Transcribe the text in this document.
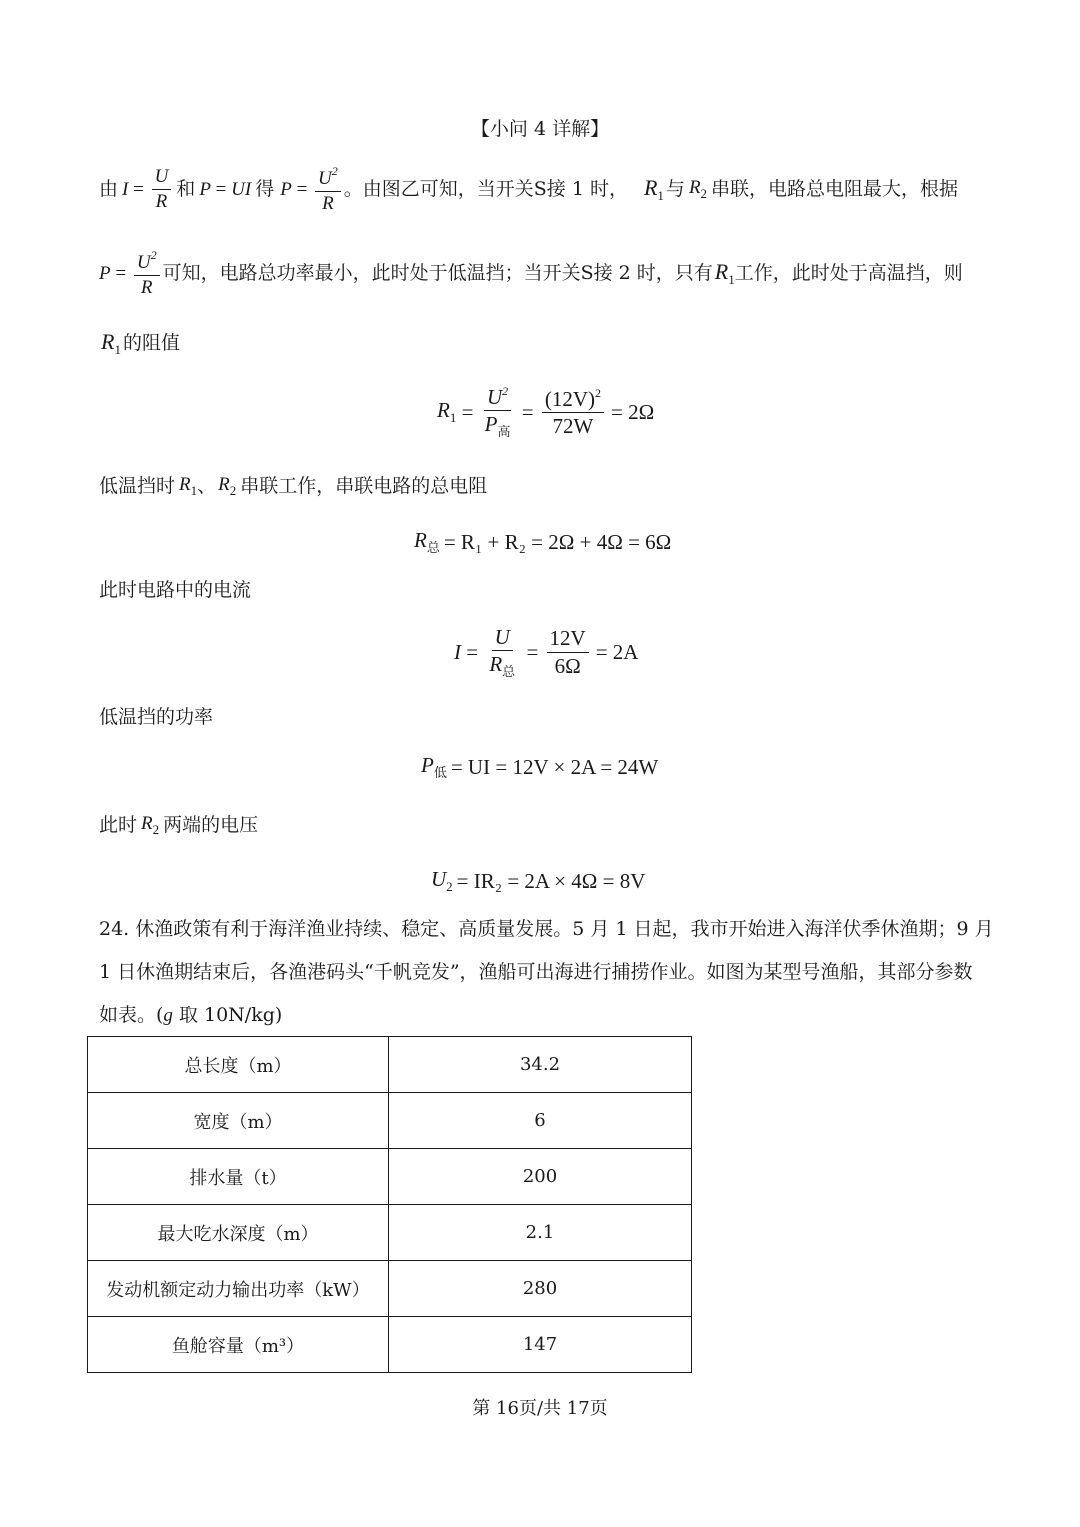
【小问 4 详解】
由 $I = \frac{U}{R}$ 和 P = UI 得 $P = \frac{U^2}{R}$ 。由图乙可知，当开关S接 1 时， $R_1$ 与 $R_2$ 串联，电路总电阻最大，根据
$P = \frac{U^2}{R}$ 可知，电路总功率最小，此时处于低温挡；当开关S接 2 时，只有 $R_1$ 工作，此时处于高温挡，则
$R_1$ 的阻值
$R_1 = \frac{U^2}{P_高} = \frac{(12V)^2}{72W} = 2\Omega$
低温挡时 $R_1$ 、 $R_2$ 串联工作，串联电路的总电阻
$R_总 = R_1 + R_2 = 2\Omega + 4\Omega = 6\Omega$
此时电路中的电流
$I = \frac{U}{R_总} = \frac{12V}{6\Omega} = 2A$
低温挡的功率
$P_低$ = UI = 12V × 2A = 24W
此时 $R_2$ 两端的电压
$U_2 = IR_2 = 2A \times 4\Omega = 8V$
24. 休渔政策有利于海洋渔业持续、稳定、高质量发展。5 月 1 日起，我市开始进入海洋伏季休渔期；9 月
1 日休渔期结束后，各渔港码头“千帆竞发”，渔船可出海进行捕捞作业。如图为某型号渔船，其部分参数
如表。(g 取 10N/kg)
总长度（m）	34.2
宽度（m）	6
排水量（t）	200
最大吃水深度（m）	2.1
发动机额定动力输出功率（kW）	280
鱼舱容量（m³）	147
第 16页/共 17页
